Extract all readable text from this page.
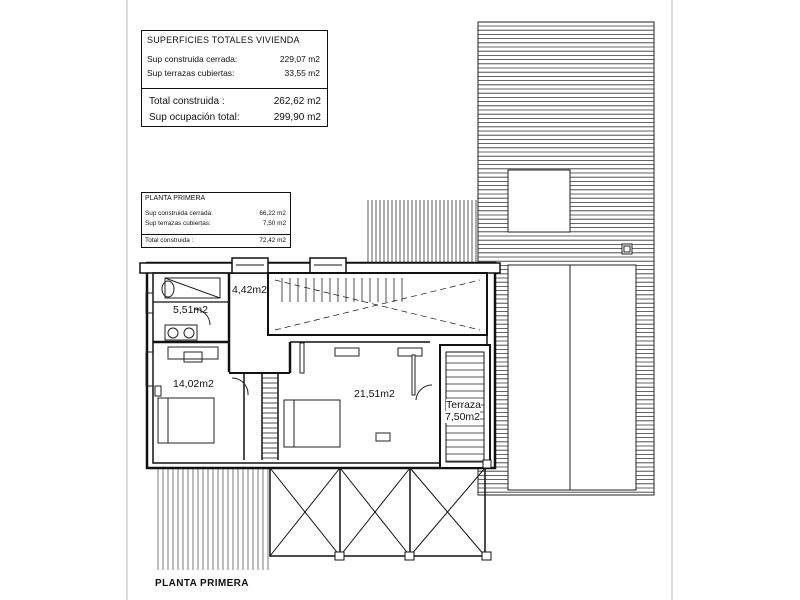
SUPERFICIES TOTALES VIVIENDA
Sup construida cerrada:	229,07 m2
Sup terrazas cubiertas:	33,55 m2
Total construida :	262,62 m2
Sup ocupación total:	299,90 m2
PLANTA PRIMERA
Sup construida cerrada:	66,22 m2
Sup terrazas cubiertas:	7,50 m2
Total construida :	72,42 m2
4,42m2
5,51m2
14,02m2
21,51m2
Terraza
7,50m2
PLANTA PRIMERA
